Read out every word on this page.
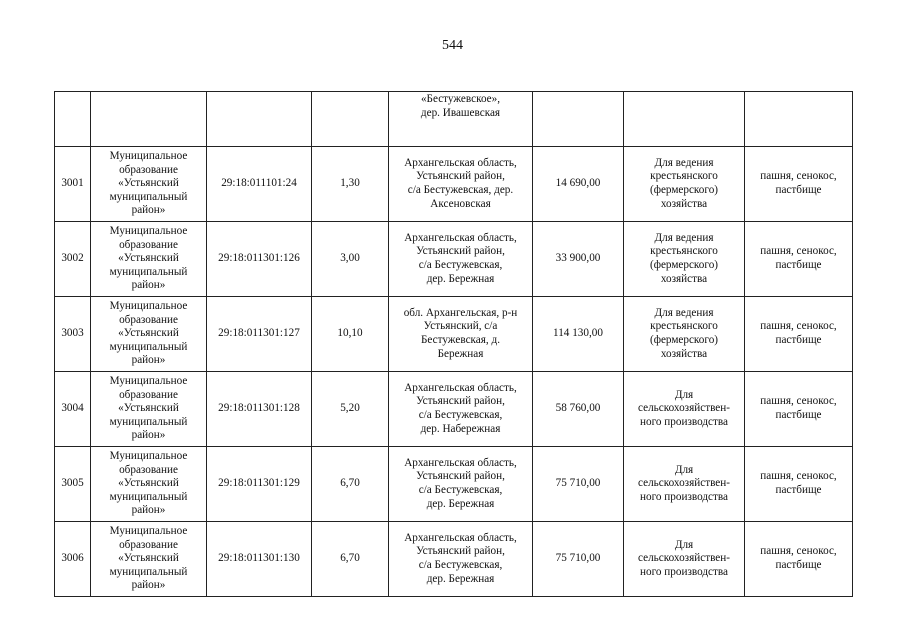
544

				«Бестужевское»,
дер. Ивашевская			

3001	Муниципальное
образование
«Устьянский
муниципальный
район»	29:18:011101:24	1,30	Архангельская область,
Устьянский район,
с/а Бестужевская, дер.
Аксеновская	14 690,00	Для ведения
крестьянского
(фермерского)
хозяйства	пашня, сенокос,
пастбище

3002	Муниципальное
образование
«Устьянский
муниципальный
район»	29:18:011301:126	3,00	Архангельская область,
Устьянский район,
с/а Бестужевская,
дер. Бережная	33 900,00	Для ведения
крестьянского
(фермерского)
хозяйства	пашня, сенокос,
пастбище

3003	Муниципальное
образование
«Устьянский
муниципальный
район»	29:18:011301:127	10,10	обл. Архангельская, р-н
Устьянский, с/а
Бестужевская, д.
Бережная	114 130,00	Для ведения
крестьянского
(фермерского)
хозяйства	пашня, сенокос,
пастбище

3004	Муниципальное
образование
«Устьянский
муниципальный
район»	29:18:011301:128	5,20	Архангельская область,
Устьянский район,
с/а Бестужевская,
дер. Набережная	58 760,00	Для
сельскохозяйствен-
ного производства	пашня, сенокос,
пастбище

3005	Муниципальное
образование
«Устьянский
муниципальный
район»	29:18:011301:129	6,70	Архангельская область,
Устьянский район,
с/а Бестужевская,
дер. Бережная	75 710,00	Для
сельскохозяйствен-
ного производства	пашня, сенокос,
пастбище

3006	Муниципальное
образование
«Устьянский
муниципальный
район»	29:18:011301:130	6,70	Архангельская область,
Устьянский район,
с/а Бестужевская,
дер. Бережная	75 710,00	Для
сельскохозяйствен-
ного производства	пашня, сенокос,
пастбище
